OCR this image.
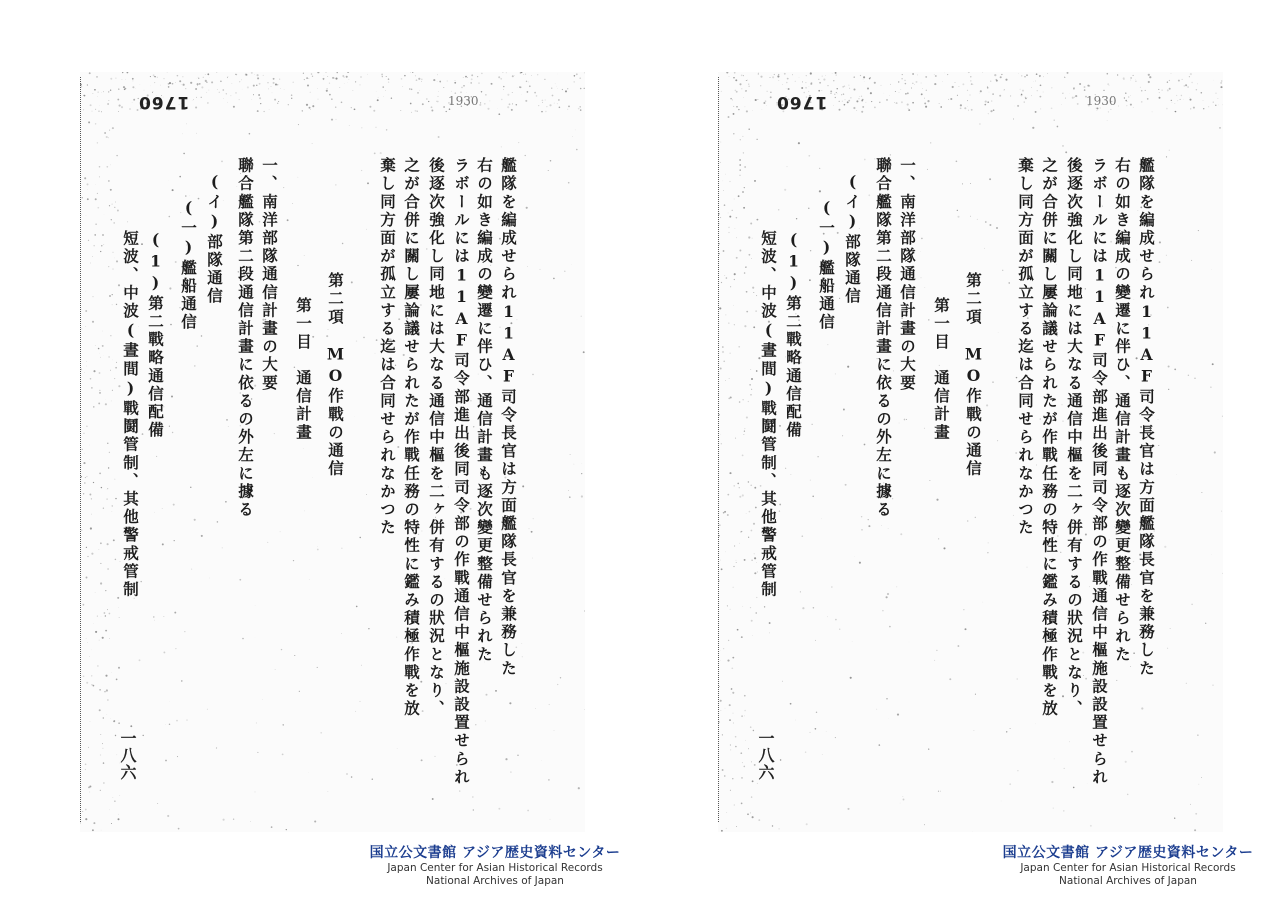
1760	1930
艦隊を編成せられ11AF司令長官は方面艦隊長官を兼務した
右の如き編成の變遷に伴ひ、通信計畫も逐次變更整備せられた
ラボールには11AF司令部進出後同司令部の作戰通信中樞施設設置せられ
後逐次強化し同地には大なる通信中樞を二ヶ併有するの狀況となり、
之が合併に關し屢論議せられたが作戰任務の特性に鑑み積極作戰を放
棄し同方面が孤立する迄は合同せられなかつた
第二項　MO作戰の通信
第一目　通信計畫
一、南洋部隊通信計畫の大要
聯合艦隊第二段通信計畫に依るの外左に據る
(イ)部隊通信
(一)艦船通信
(1)第二戰略通信配備
短波、中波(晝間)戰鬪管制、其他警戒管制
一八六
1760	1930
艦隊を編成せられ11AF司令長官は方面艦隊長官を兼務した
右の如き編成の變遷に伴ひ、通信計畫も逐次變更整備せられた
ラボールには11AF司令部進出後同司令部の作戰通信中樞施設設置せられ
後逐次強化し同地には大なる通信中樞を二ヶ併有するの狀況となり、
之が合併に關し屢論議せられたが作戰任務の特性に鑑み積極作戰を放
棄し同方面が孤立する迄は合同せられなかつた
第二項　MO作戰の通信
第一目　通信計畫
一、南洋部隊通信計畫の大要
聯合艦隊第二段通信計畫に依るの外左に據る
(イ)部隊通信
(一)艦船通信
(1)第二戰略通信配備
短波、中波(晝間)戰鬪管制、其他警戒管制
一八六
国立公文書館 アジア歴史資料センター
Japan Center for Asian Historical Records
National Archives of Japan
国立公文書館 アジア歴史資料センター
Japan Center for Asian Historical Records
National Archives of Japan
